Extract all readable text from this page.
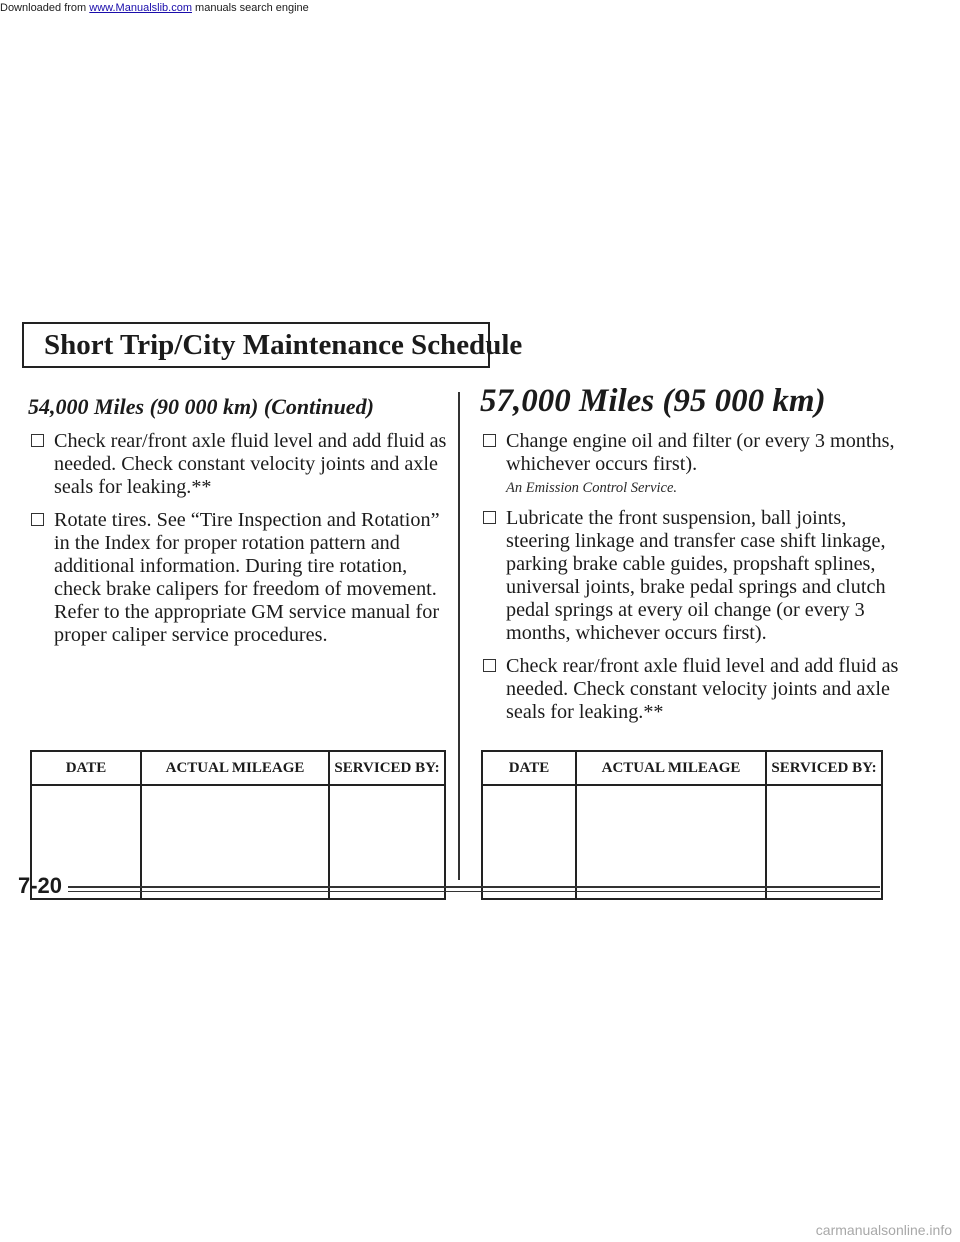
Downloaded from www.Manualslib.com manuals search engine
Short Trip/City Maintenance Schedule
54,000 Miles (90 000 km) (Continued)
Check rear/front axle fluid level and add fluid as needed. Check constant velocity joints and axle seals for leaking.**
Rotate tires. See “Tire Inspection and Rotation” in the Index for proper rotation pattern and additional information. During tire rotation, check brake calipers for freedom of movement. Refer to the appropriate GM service manual for proper caliper service procedures.
57,000 Miles (95 000 km)
Change engine oil and filter (or every 3 months, whichever occurs first).
An Emission Control Service.
Lubricate the front suspension, ball joints, steering linkage and transfer case shift linkage, parking brake cable guides, propshaft splines, universal joints, brake pedal springs and clutch pedal springs at every oil change (or every 3 months, whichever occurs first).
Check rear/front axle fluid level and add fluid as needed. Check constant velocity joints and axle seals for leaking.**
DATE	ACTUAL MILEAGE	SERVICED BY:
			DATE	ACTUAL MILEAGE	SERVICED BY:

7-20
carmanualsonline.info
